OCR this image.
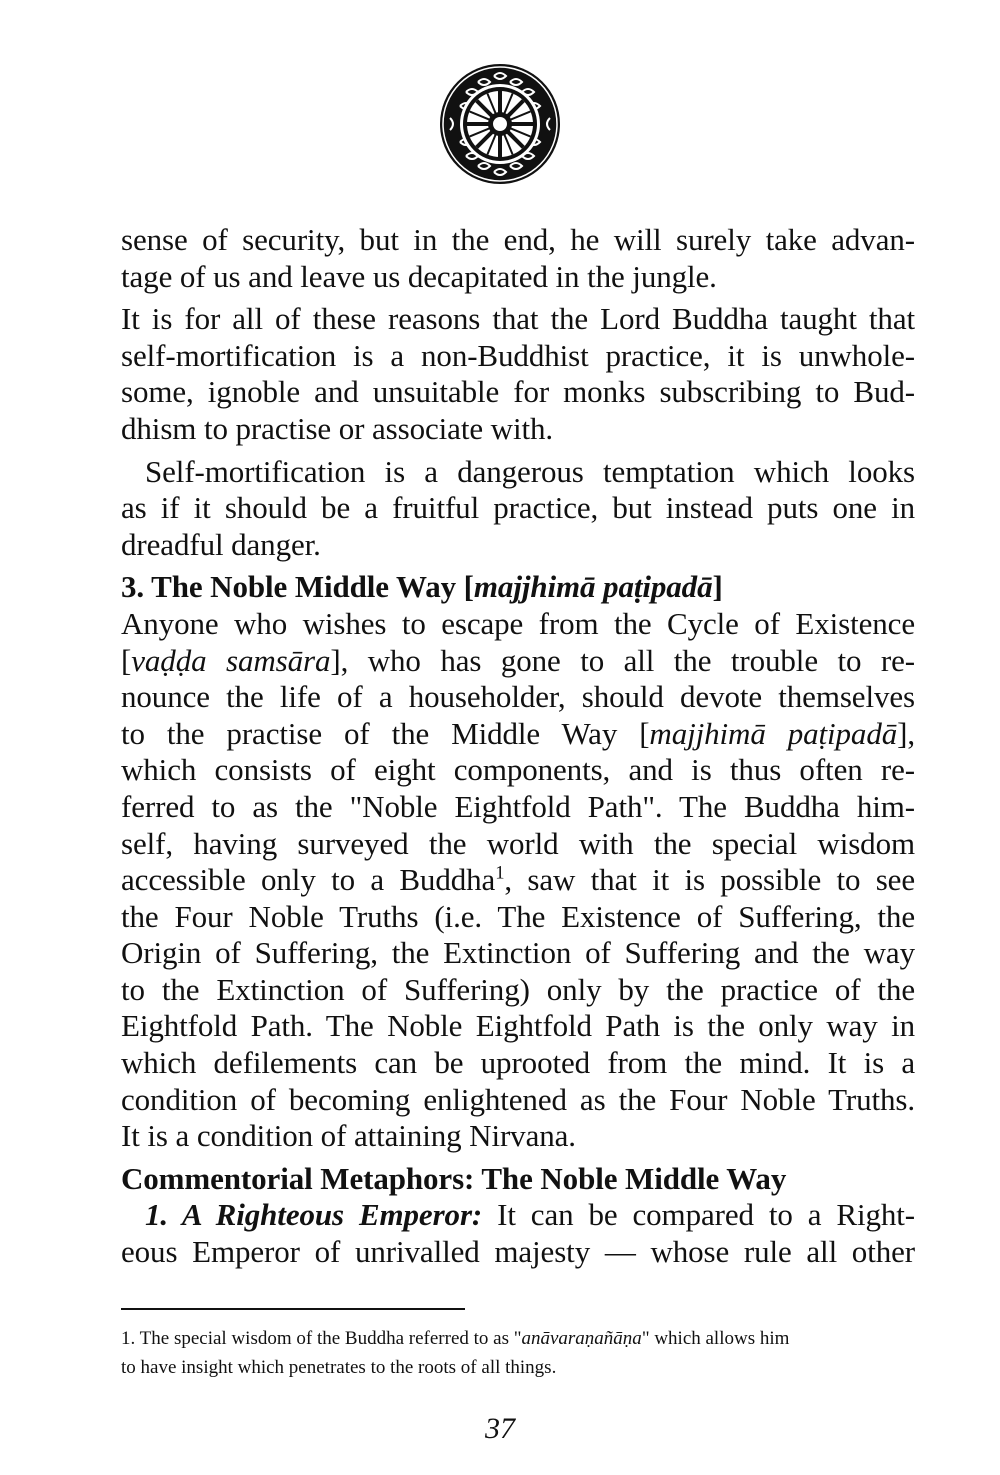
sense of security, but in the end, he will surely take advan-
tage of us and leave us decapitated in the jungle.
It is for all of these reasons that the Lord Buddha taught that
self-mortification is a non-Buddhist practice, it is unwhole-
some, ignoble and unsuitable for monks subscribing to Bud-
dhism to practise or associate with.
Self-mortification is a dangerous temptation which looks
as if it should be a fruitful practice, but instead puts one in
dreadful danger.
3. The Noble Middle Way [majjhimā paṭipadā]
Anyone who wishes to escape from the Cycle of Existence
[vaḍḍa samsāra], who has gone to all the trouble to re-
nounce the life of a householder, should devote themselves
to the practise of the Middle Way [majjhimā paṭipadā],
which consists of eight components, and is thus often re-
ferred to as the "Noble Eightfold Path". The Buddha him-
self, having surveyed the world with the special wisdom
accessible only to a Buddha$^1$, saw that it is possible to see
the Four Noble Truths (i.e. The Existence of Suffering, the
Origin of Suffering, the Extinction of Suffering and the way
to the Extinction of Suffering) only by the practice of the
Eightfold Path. The Noble Eightfold Path is the only way in
which defilements can be uprooted from the mind. It is a
condition of becoming enlightened as the Four Noble Truths.
It is a condition of attaining Nirvana.
Commentorial Metaphors: The Noble Middle Way
1. A Righteous Emperor: It can be compared to a Right-
eous Emperor of unrivalled majesty — whose rule all other
1. The special wisdom of the Buddha referred to as "anāvaraṇañāṇa" which allows him
to have insight which penetrates to the roots of all things.
37
